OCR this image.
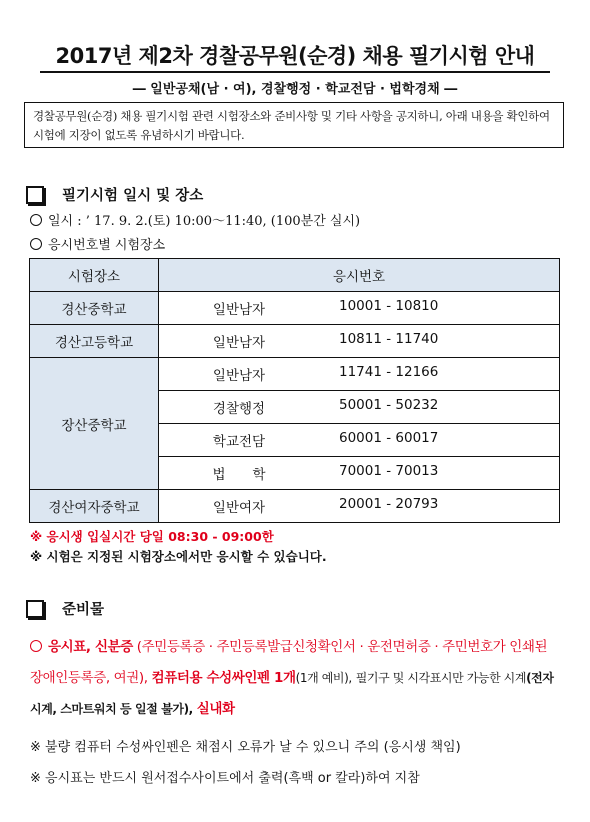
2017년 제2차 경찰공무원(순경) 채용 필기시험 안내
― 일반공채(남 · 여), 경찰행정 · 학교전담 · 법학경채 ―
경찰공무원(순경) 채용 필기시험 관련 시험장소와 준비사항 및 기타 사항을 공지하니, 아래 내용을 확인하여 시험에 지장이 없도록 유념하시기 바랍니다.
필기시험 일시 및 장소
일시 : ’ 17. 9. 2.(토) 10:00～11:40, (100분간 실시)
응시번호별 시험장소
시험장소	응시번호
경산중학교	일반남자 10001 - 10810

경산고등학교	일반남자 10811 - 11740

장산중학교	일반남자 11741 - 12166

	경찰행정 50001 - 50232

	학교전담 60001 - 60017

	법　　학 70001 - 70013

경산여자중학교	일반여자 20001 - 20793
※ 응시생 입실시간 당일 08:30 - 09:00한
※ 시험은 지정된 시험장소에서만 응시할 수 있습니다.
준비물
응시표, 신분증 (주민등록증 · 주민등록발급신청확인서 · 운전면허증 · 주민번호가 인쇄된 장애인등록증, 여권), 컴퓨터용 수성싸인펜 1개(1개 예비), 필기구 및 시각표시만 가능한 시계(전자시계, 스마트워치 등 일절 불가), 실내화
※ 불량 컴퓨터 수성싸인펜은 채점시 오류가 날 수 있으니 주의 (응시생 책임)
※ 응시표는 반드시 원서접수사이트에서 출력(흑백 or 칼라)하여 지참
